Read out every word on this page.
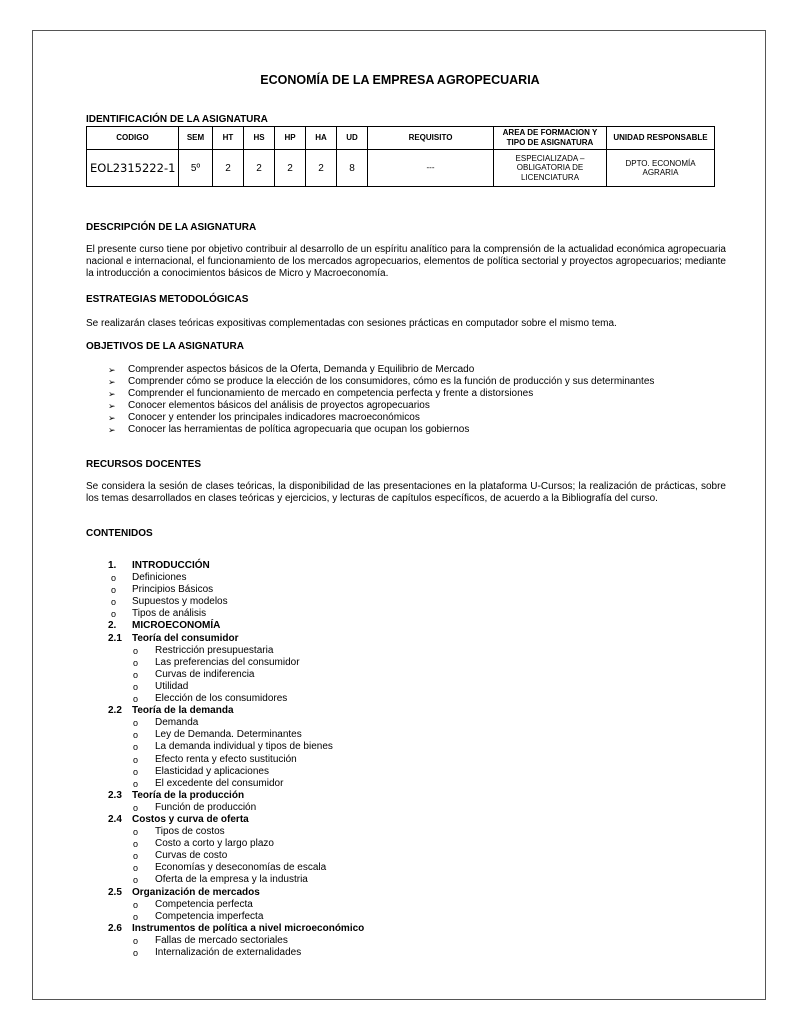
ECONOMÍA DE LA EMPRESA AGROPECUARIA
IDENTIFICACIÓN DE LA ASIGNATURA
CODIGO	SEM	HT	HS	HP	HA	UD	REQUISITO	AREA DE FORMACION Y TIPO DE ASIGNATURA	UNIDAD RESPONSABLE
EOL2315222-1	5º	2	2	2	2	8	---	ESPECIALIZADA – OBLIGATORIA DE LICENCIATURA	DPTO. ECONOMÍA AGRARIA
DESCRIPCIÓN DE LA ASIGNATURA
El presente curso tiene por objetivo contribuir al desarrollo de un espíritu analítico para la comprensión de la actualidad económica agropecuaria nacional e internacional, el funcionamiento de los mercados agropecuarios, elementos de política sectorial y proyectos agropecuarios; mediante la introducción a conocimientos básicos de Micro y Macroeconomía.
ESTRATEGIAS METODOLÓGICAS
Se realizarán clases teóricas expositivas complementadas con sesiones prácticas en computador sobre el mismo tema.
OBJETIVOS DE LA ASIGNATURA
➢ Comprender aspectos básicos de la Oferta, Demanda y Equilibrio de Mercado
➢ Comprender cómo se produce la elección de los consumidores, cómo es la función de producción y sus determinantes
➢ Comprender el funcionamiento de mercado en competencia perfecta y frente a distorsiones
➢ Conocer elementos básicos del análisis de proyectos agropecuarios
➢ Conocer y entender los principales indicadores macroeconómicos
➢ Conocer las herramientas de política agropecuaria que ocupan los gobiernos
RECURSOS DOCENTES
Se considera la sesión de clases teóricas, la disponibilidad de las presentaciones en la plataforma U-Cursos; la realización de prácticas, sobre los temas desarrollados en clases teóricas y ejercicios, y lecturas de capítulos específicos, de acuerdo a la Bibliografía del curso.
CONTENIDOS
1. INTRODUCCIÓN
o Definiciones
o Principios Básicos
o Supuestos y modelos
o Tipos de análisis
2. MICROECONOMÍA
2.1 Teoría del consumidor
o Restricción presupuestaria
o Las preferencias del consumidor
o Curvas de indiferencia
o Utilidad
o Elección de los consumidores
2.2 Teoría de la demanda
o Demanda
o Ley de Demanda. Determinantes
o La demanda individual y tipos de bienes
o Efecto renta y efecto sustitución
o Elasticidad y aplicaciones
o El excedente del consumidor
2.3 Teoría de la producción
o Función de producción
2.4 Costos y curva de oferta
o Tipos de costos
o Costo a corto y largo plazo
o Curvas de costo
o Economías y deseconomías de escala
o Oferta de la empresa y la industria
2.5 Organización de mercados
o Competencia perfecta
o Competencia imperfecta
2.6 Instrumentos de política a nivel microeconómico
o Fallas de mercado sectoriales
o Internalización de externalidades
